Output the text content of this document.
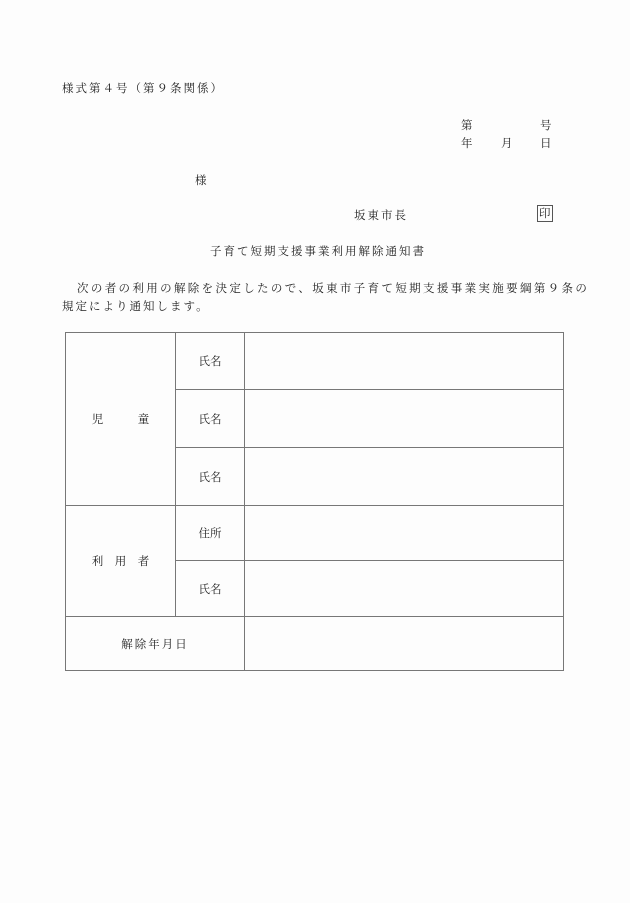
様式第４号（第９条関係）
第	号
年 月 日
様
坂東市長	印
子育て短期支援事業利用解除通知書
次の者の利用の解除を決定したので、坂東市子育て短期支援事業実施要綱第９条の
規定により通知します。
児　　　童	氏名	
	氏名	
	氏名	
利　用　者	住所	
	氏名	
解除年月日		
